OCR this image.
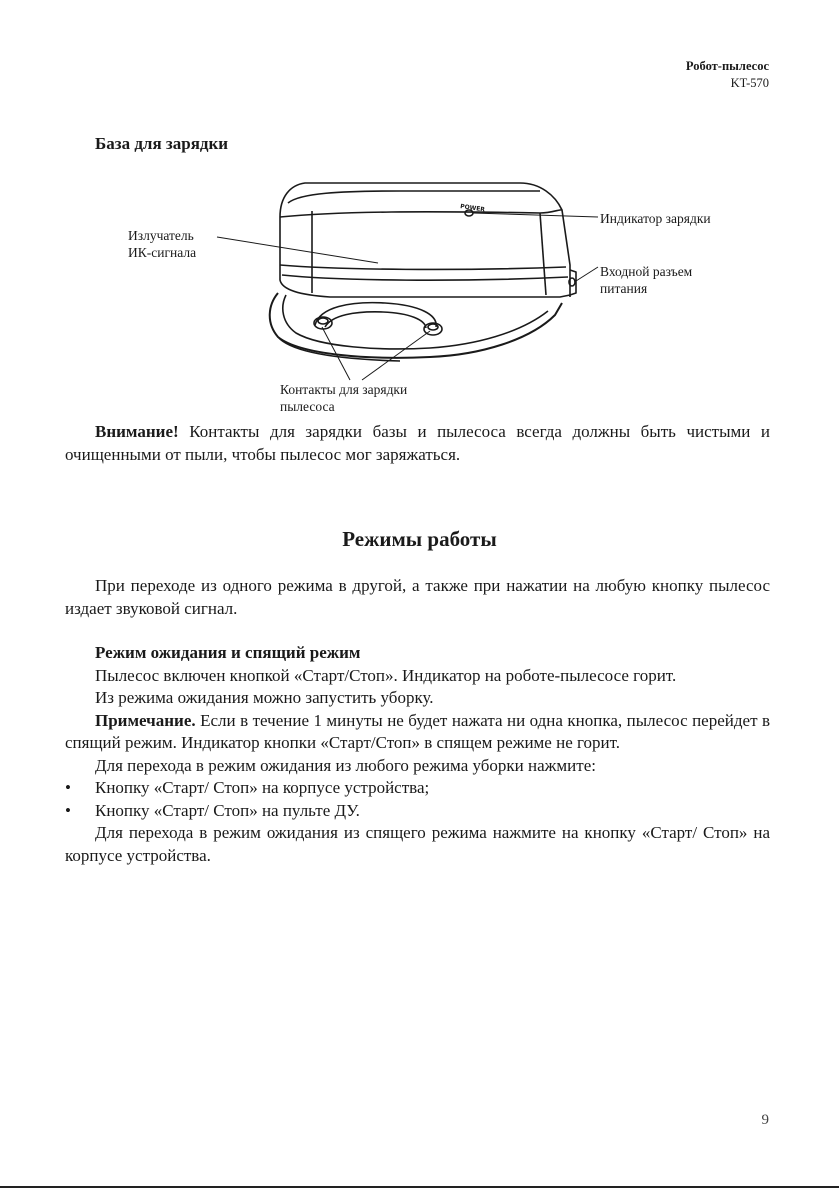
Робот-пылесос
KT-570
База для зарядки
POWER
Излучатель
ИК-сигнала
Индикатор зарядки
Входной разъем
питания
Контакты для зарядки
пылесоса

Внимание! Контакты для зарядки базы и пылесоса всегда должны быть чистыми и очищенными от пыли, чтобы пылесос мог заряжаться.

Режимы работы

При переходе из одного режима в другой, а также при нажатии на любую кнопку пылесос издает звуковой сигнал.

Режим ожидания и спящий режим

Пылесос включен кнопкой «Старт/Стоп». Индикатор на роботе-пылесосе горит.

Из режима ожидания можно запустить уборку.

Примечание. Если в течение 1 минуты не будет нажата ни одна кнопка, пылесос перейдет в спящий режим. Индикатор кнопки «Старт/Стоп» в спящем режиме не горит.

Для перехода в режим ожидания из любого режима уборки нажмите:

•	Кнопку «Старт/ Стоп» на корпусе устройства;
•	Кнопку «Старт/ Стоп» на пульте ДУ.

Для перехода в режим ожидания из спящего режима нажмите на кнопку «Старт/ Стоп» на корпусе устройства.

9
